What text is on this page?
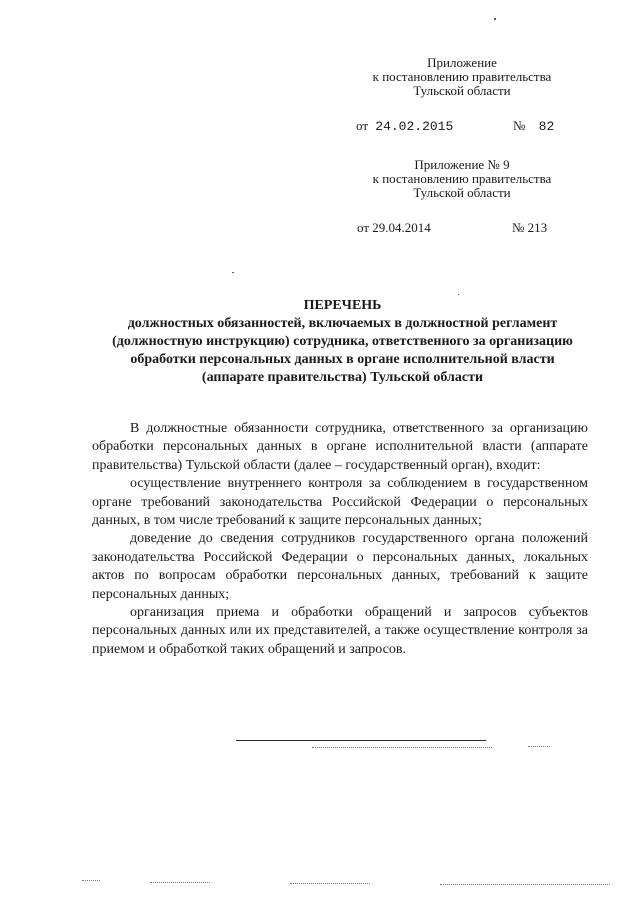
Приложение
к постановлению правительства
Тульской области
от 24.02.2015	№ 82
Приложение № 9
к постановлению правительства
Тульской области
от 29.04.2014	№ 213
ПЕРЕЧЕНЬ
должностных обязанностей, включаемых в должностной регламент
(должностную инструкцию) сотрудника, ответственного за организацию
обработки персональных данных в органе исполнительной власти
(аппарате правительства) Тульской области

В должностные обязанности сотрудника, ответственного за организацию обработки персональных данных в органе исполнительной власти (аппарате правительства) Тульской области (далее – государственный орган), входит:

осуществление внутреннего контроля за соблюдением в государственном органе требований законодательства Российской Федерации о персональных данных, в том числе требований к защите персональных данных;

доведение до сведения сотрудников государственного органа положений законодательства Российской Федерации о персональных данных, локальных актов по вопросам обработки персональных данных, требований к защите персональных данных;

организация приема и обработки обращений и запросов субъектов персональных данных или их представителей, а также осуществление контроля за приемом и обработкой таких обращений и запросов.
